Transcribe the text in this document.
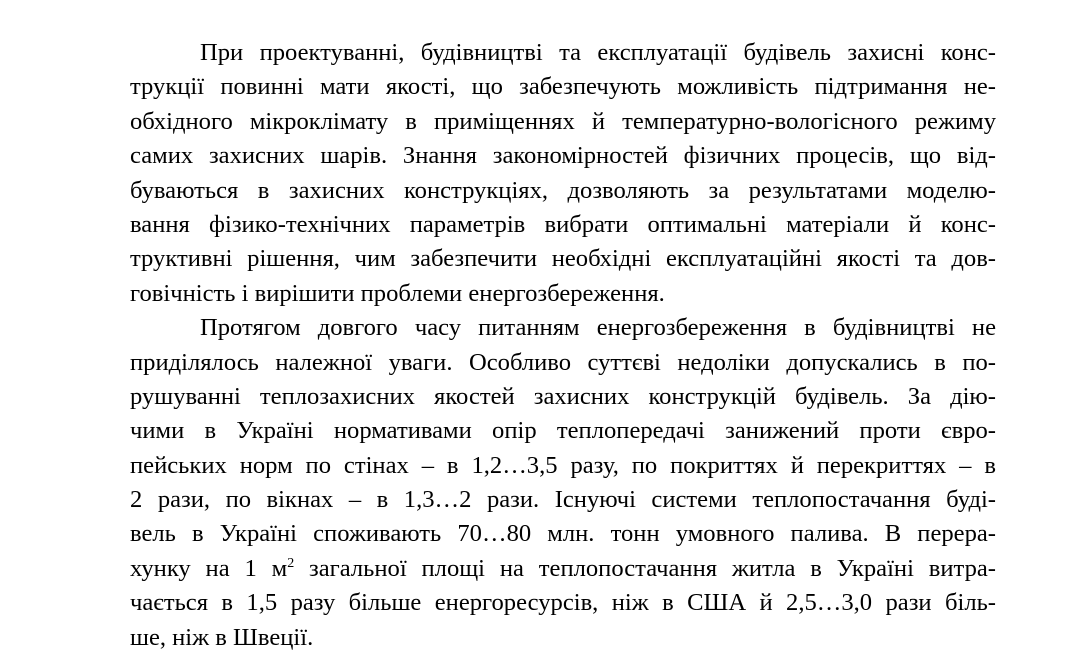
При проектуванні, будівництві та експлуатації будівель захисні конс-
трукції повинні мати якості, що забезпечують можливість підтримання не-
обхідного мікроклімату в приміщеннях й температурно-вологісного режиму
самих захисних шарів. Знання закономірностей фізичних процесів, що від-
буваються в захисних конструкціях, дозволяють за результатами моделю-
вання фізико-технічних параметрів вибрати оптимальні матеріали й конс-
труктивні рішення, чим забезпечити необхідні експлуатаційні якості та дов-
говічність і вирішити проблеми енергозбереження.
Протягом довгого часу питанням енергозбереження в будівництві не
приділялось належної уваги. Особливо суттєві недоліки допускались в по-
рушуванні теплозахисних якостей захисних конструкцій будівель. За дію-
чими в Україні нормативами опір теплопередачі занижений проти євро-
пейських норм по стінах – в 1,2…3,5 разу, по покриттях й перекриттях – в
2 рази, по вікнах – в 1,3…2 рази. Існуючі системи теплопостачання буді-
вель в Україні споживають 70…80 млн. тонн умовного палива. В перера-
хунку на 1 $м^2$ загальної площі на теплопостачання житла в Україні витра-
чається в 1,5 разу більше енергоресурсів, ніж в США й 2,5…3,0 рази біль-
ше, ніж в Швеції.
